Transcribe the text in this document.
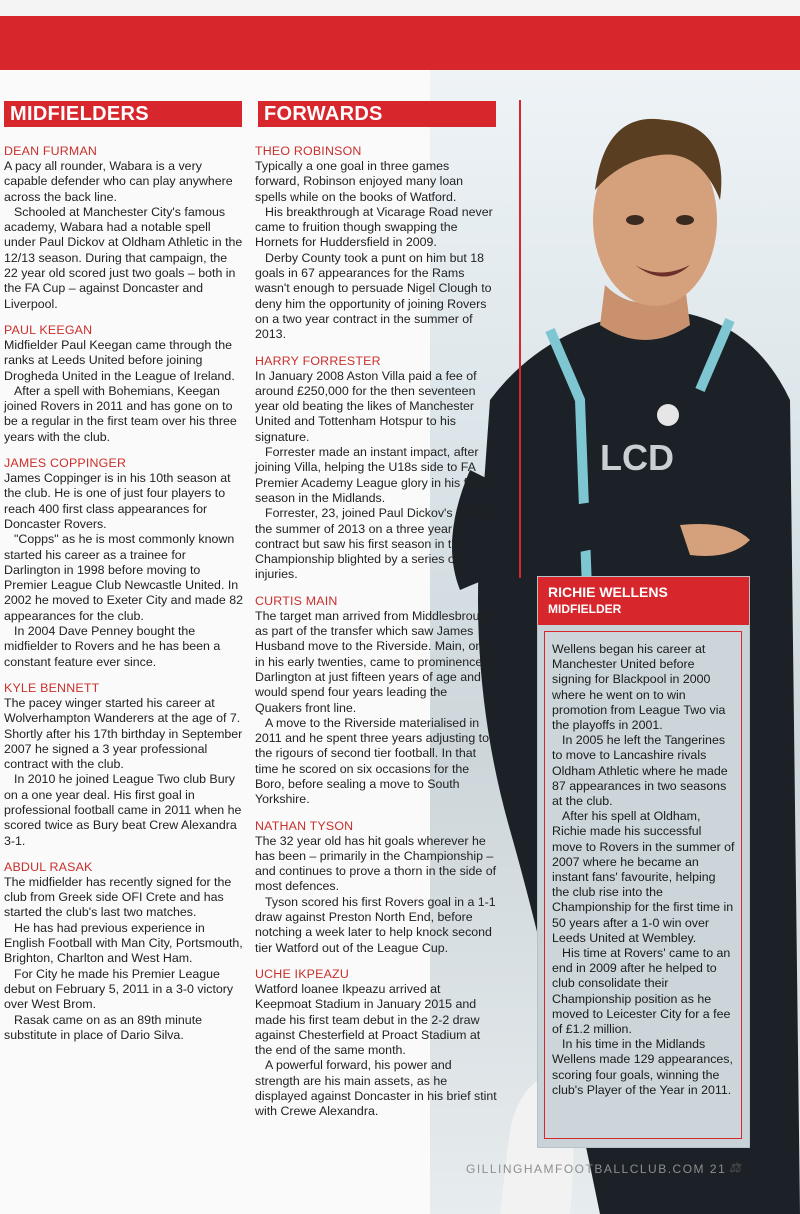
LCD
MIDFIELDERS	FORWARDS
DEAN FURMAN
A pacy all rounder, Wabara is a very capable defender who can play anywhere across the back line.
Schooled at Manchester City's famous academy, Wabara had a notable spell under Paul Dickov at Oldham Athletic in the 12/13 season. During that campaign, the 22 year old scored just two goals – both in the FA Cup – against Doncaster and Liverpool.
PAUL KEEGAN
Midfielder Paul Keegan came through the ranks at Leeds United before joining Drogheda United in the League of Ireland.
After a spell with Bohemians, Keegan joined Rovers in 2011 and has gone on to be a regular in the first team over his three years with the club.
JAMES COPPINGER
James Coppinger is in his 10th season at the club. He is one of just four players to reach 400 first class appearances for Doncaster Rovers.
"Copps" as he is most commonly known started his career as a trainee for Darlington in 1998 before moving to Premier League Club Newcastle United. In 2002 he moved to Exeter City and made 82 appearances for the club.
In 2004 Dave Penney bought the midfielder to Rovers and he has been a constant feature ever since.
KYLE BENNETT
The pacey winger started his career at Wolverhampton Wanderers at the age of 7. Shortly after his 17th birthday in September 2007 he signed a 3 year professional contract with the club.
In 2010 he joined League Two club Bury on a one year deal. His first goal in professional football came in 2011 when he scored twice as Bury beat Crew Alexandra 3-1.
ABDUL RASAK
The midfielder has recently signed for the club from Greek side OFI Crete and has started the club's last two matches.
He has had previous experience in English Football with Man City, Portsmouth, Brighton, Charlton and West Ham.
For City he made his Premier League debut on February 5, 2011 in a 3-0 victory over West Brom.
Rasak came on as an 89th minute substitute in place of Dario Silva.
THEO ROBINSON
Typically a one goal in three games forward, Robinson enjoyed many loan spells while on the books of Watford.
His breakthrough at Vicarage Road never came to fruition though swapping the Hornets for Huddersfield in 2009.
Derby County took a punt on him but 18 goals in 67 appearances for the Rams wasn't enough to persuade Nigel Clough to deny him the opportunity of joining Rovers on a two year contract in the summer of 2013.
HARRY FORRESTER
In January 2008 Aston Villa paid a fee of around £250,000 for the then seventeen year old beating the likes of Manchester United and Tottenham Hotspur to his signature.
Forrester made an instant impact, after joining Villa, helping the U18s side to FA Premier Academy League glory in his first season in the Midlands.
Forrester, 23, joined Paul Dickov's side in the summer of 2013 on a three year contract but saw his first season in the Championship blighted by a series of injuries.
CURTIS MAIN
The target man arrived from Middlesbrough as part of the transfer which saw James Husband move to the Riverside. Main, only in his early twenties, came to prominence at Darlington at just fifteen years of age and would spend four years leading the Quakers front line.
A move to the Riverside materialised in 2011 and he spent three years adjusting to the rigours of second tier football. In that time he scored on six occasions for the Boro, before sealing a move to South Yorkshire.
NATHAN TYSON
The 32 year old has hit goals wherever he has been – primarily in the Championship – and continues to prove a thorn in the side of most defences.
Tyson scored his first Rovers goal in a 1-1 draw against Preston North End, before notching a week later to help knock second tier Watford out of the League Cup.
UCHE IKPEAZU
Watford loanee Ikpeazu arrived at Keepmoat Stadium in January 2015 and made his first team debut in the 2-2 draw against Chesterfield at Proact Stadium at the end of the same month.
A powerful forward, his power and strength are his main assets, as he displayed against Doncaster in his brief stint with Crewe Alexandra.
RICHIE WELLENS
MIDFIELDER
Wellens began his career at Manchester United before signing for Blackpool in 2000 where he went on to win promotion from League Two via the playoffs in 2001.
In 2005 he left the Tangerines to move to Lancashire rivals Oldham Athletic where he made 87 appearances in two seasons at the club.
After his spell at Oldham, Richie made his successful move to Rovers in the summer of 2007 where he became an instant fans' favourite, helping the club rise into the Championship for the first time in 50 years after a 1-0 win over Leeds United at Wembley.
His time at Rovers' came to an end in 2009 after he helped to club consolidate their Championship position as he moved to Leicester City for a fee of £1.2 million.
In his time in the Midlands Wellens made 129 appearances, scoring four goals, winning the club's Player of the Year in 2011.
GILLINGHAMFOOTBALLCLUB.COM 21 ⚖
